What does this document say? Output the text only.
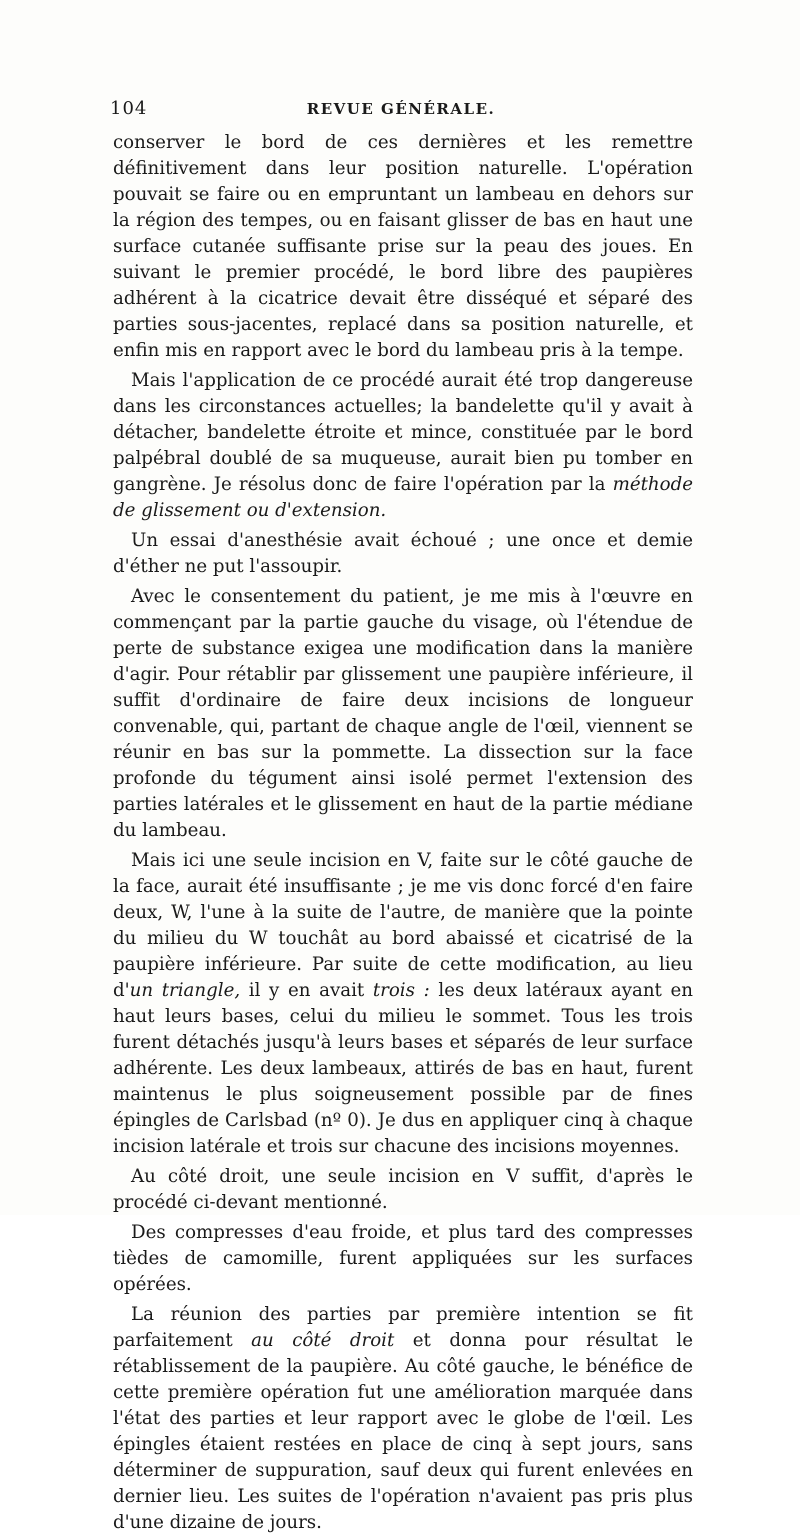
104	REVUE GÉNÉRALE.

conserver le bord de ces dernières et les remettre définitivement dans leur position naturelle. L'opération pouvait se faire ou en empruntant un lambeau en dehors sur la région des tempes, ou en faisant glisser de bas en haut une surface cutanée suffisante prise sur la peau des joues. En suivant le premier procédé, le bord libre des paupières adhérent à la cicatrice devait être disséqué et séparé des parties sous-jacentes, replacé dans sa position naturelle, et enfin mis en rapport avec le bord du lambeau pris à la tempe.

Mais l'application de ce procédé aurait été trop dangereuse dans les circonstances actuelles; la bandelette qu'il y avait à détacher, bandelette étroite et mince, constituée par le bord palpébral doublé de sa muqueuse, aurait bien pu tomber en gangrène. Je résolus donc de faire l'opération par la méthode de glissement ou d'extension.

Un essai d'anesthésie avait échoué ; une once et demie d'éther ne put l'assoupir.

Avec le consentement du patient, je me mis à l'œuvre en commençant par la partie gauche du visage, où l'étendue de perte de substance exigea une modification dans la manière d'agir. Pour rétablir par glissement une paupière inférieure, il suffit d'ordinaire de faire deux incisions de longueur convenable, qui, partant de chaque angle de l'œil, viennent se réunir en bas sur la pommette. La dissection sur la face profonde du tégument ainsi isolé permet l'extension des parties latérales et le glissement en haut de la partie médiane du lambeau.

Mais ici une seule incision en V, faite sur le côté gauche de la face, aurait été insuffisante ; je me vis donc forcé d'en faire deux, W, l'une à la suite de l'autre, de manière que la pointe du milieu du W touchât au bord abaissé et cicatrisé de la paupière inférieure. Par suite de cette modification, au lieu d'un triangle, il y en avait trois : les deux latéraux ayant en haut leurs bases, celui du milieu le sommet. Tous les trois furent détachés jusqu'à leurs bases et séparés de leur surface adhérente. Les deux lambeaux, attirés de bas en haut, furent maintenus le plus soigneusement possible par de fines épingles de Carlsbad (nº 0). Je dus en appliquer cinq à chaque incision latérale et trois sur chacune des incisions moyennes.

Au côté droit, une seule incision en V suffit, d'après le procédé ci-devant mentionné.

Des compresses d'eau froide, et plus tard des compresses tièdes de camomille, furent appliquées sur les surfaces opérées.

La réunion des parties par première intention se fit parfaitement au côté droit et donna pour résultat le rétablissement de la paupière. Au côté gauche, le bénéfice de cette première opération fut une amélioration marquée dans l'état des parties et leur rapport avec le globe de l'œil. Les épingles étaient restées en place de cinq à sept jours, sans déterminer de suppuration, sauf deux qui furent enlevées en dernier lieu. Les suites de l'opération n'avaient pas pris plus d'une dizaine de jours.
